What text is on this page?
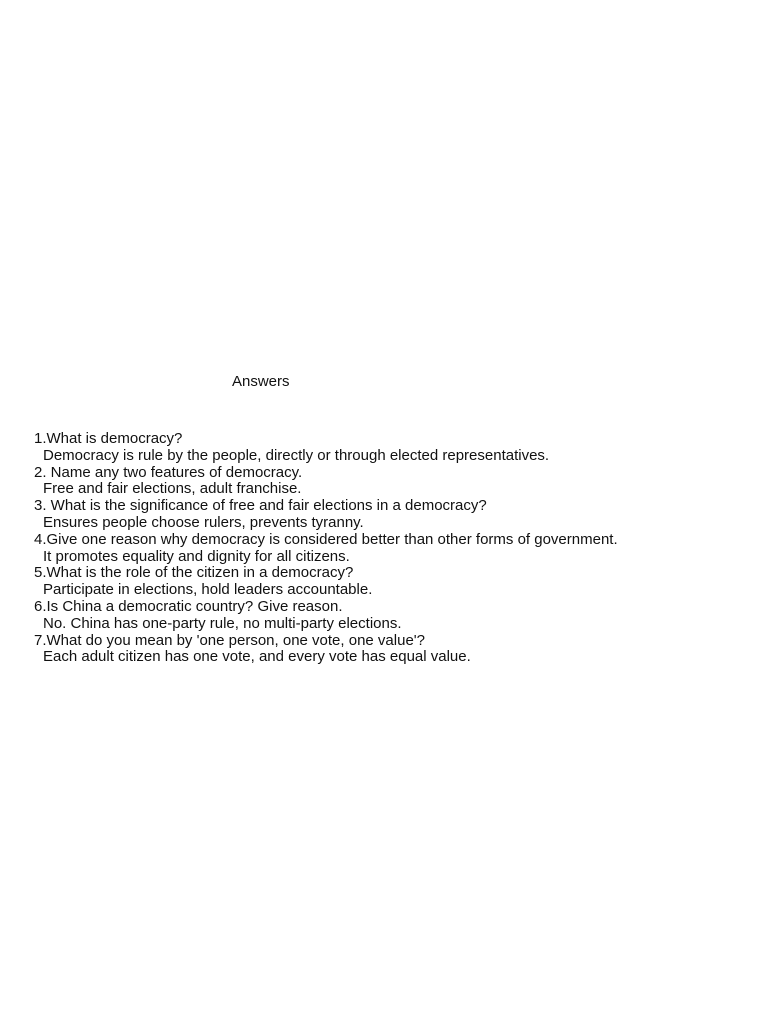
Answers
1.What is democracy?
Democracy is rule by the people, directly or through elected representatives.
2. Name any two features of democracy.
Free and fair elections, adult franchise.
3. What is the significance of free and fair elections in a democracy?
Ensures people choose rulers, prevents tyranny.
4.Give one reason why democracy is considered better than other forms of government.
It promotes equality and dignity for all citizens.
5.What is the role of the citizen in a democracy?
Participate in elections, hold leaders accountable.
6.Is China a democratic country? Give reason.
No. China has one-party rule, no multi-party elections.
7.What do you mean by 'one person, one vote, one value'?
Each adult citizen has one vote, and every vote has equal value.
